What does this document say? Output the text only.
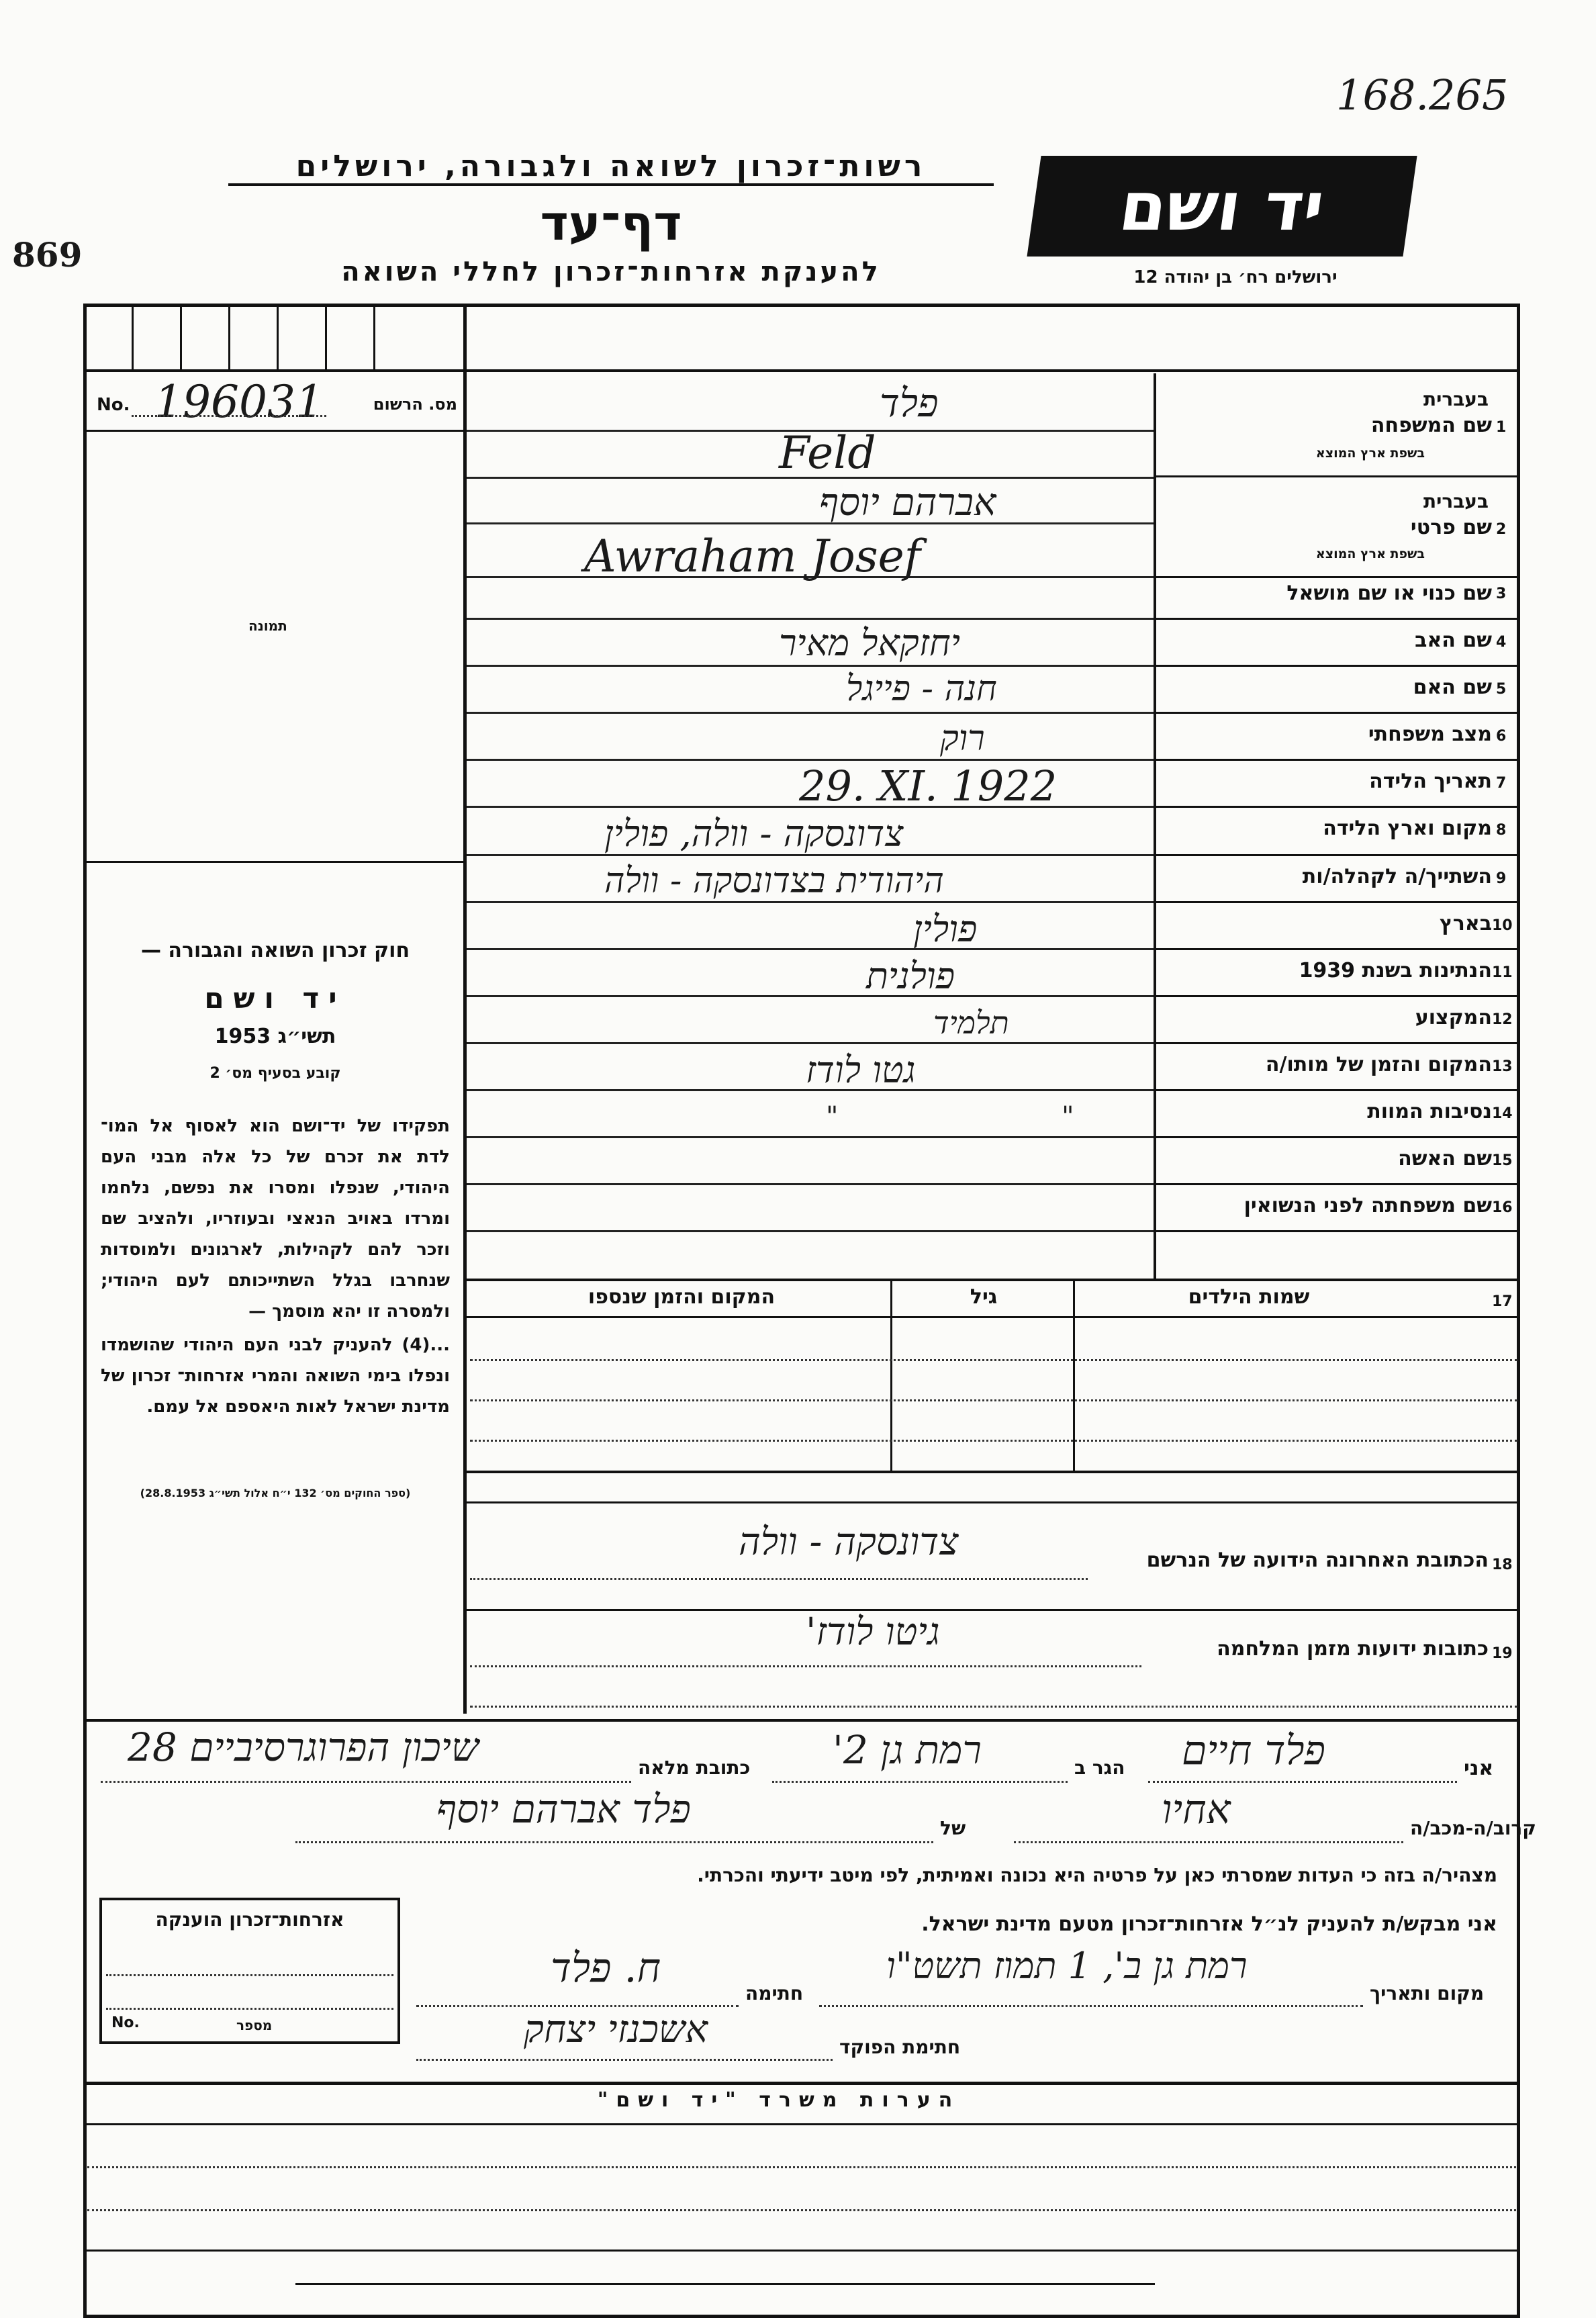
168.265
869
רשות־זכרון לשואה ולגבורה, ירושלים
דף־עד
להענקת אזרחות־זכרון לחללי השואה
יד ושם
ירושלים רח׳ בן יהודה 12
No. 196031	מס. הרשום
תמונה
חוק זכרון השואה והגבורה —
יד ושם
תשי״ג 1953
קובע בסעיף מס׳ 2
תפקידו של יד־ושם הוא לאסוף אל המו־ לדת את זכרם של כל אלה מבני העם היהודי, שנפלו ומסרו את נפשם, נלחמו ומרדו באויב הנאצי ובעוזריו, ולהציב שם וזכר להם לקהילות, לארגונים ולמוסדות שנחרבו בגלל השתייכותם לעם היהודי; ולמסרה זו יהא מוסמך —
...(4) להעניק לבני העם היהודי שהושמדו ונפלו בימי השואה והמרי אזרחות־ זכרון של מדינת ישראל לאות היאספם אל עמם.
(ספר החוקים מס׳ 132 י״ח אלול תשי״ג 28.8.1953)
בעברית
שם המשפחה 1
בשפת ארץ המוצא
פלד
Feld
בעברית
שם פרטי 2
בשפת ארץ המוצא
אברהם יוסף
Awraham Josef
שם כנוי או שם מושאל 3
שם האב 4
יחזקאל מאיר
שם האם 5
חנה - פייגל
מצב משפחתי 6
רוק
תאריך הלידה 7
29. XI. 1922
מקום וארץ הלידה 8
צדונסקה - וולה, פולין
השתייך/ה לקהלה/ות 9
היהודית בצדונסקה - וולה
בארץ 10
פולין
הנתינות בשנת 1939 11
פולנית
המקצוע 12
תלמיד
המקום והזמן של מותו/ה 13
גטו לודז
נסיבות המוות 14
" "
שם האשה 15
שם משפחתה לפני הנשואין 16
17
שמות הילדים
גיל
המקום והזמן שנספו
18
הכתובת האחרונה הידועה של הנרשם
צדונסקה - וולה
19
כתובות ידועות מזמן המלחמה
גיטו לודז'
אני
פלד חיים
הגר ב
רמת גן 2'
כתובת מלאה
שיכון הפרוגרסיביים 28
קרוב/ה-מכב/ה
אחיו
של
פלד אברהם יוסף
מצהיר/ה בזה כי העדות שמסרתי כאן על פרטיה היא נכונה ואמיתית, לפי מיטב ידיעתי והכרתי.
אני מבקש/ת להעניק לנ״ל אזרחות־זכרון מטעם מדינת ישראל.
מקום ותאריך
רמת גן ב', 1 תמוז תשט"ו
חתימה
ח. פלד
חתימת הפוקד
אשכנזי יצחק
אזרחות־זכרון הוענקה
No.	מספר
הערות משרד "יד ושם"
